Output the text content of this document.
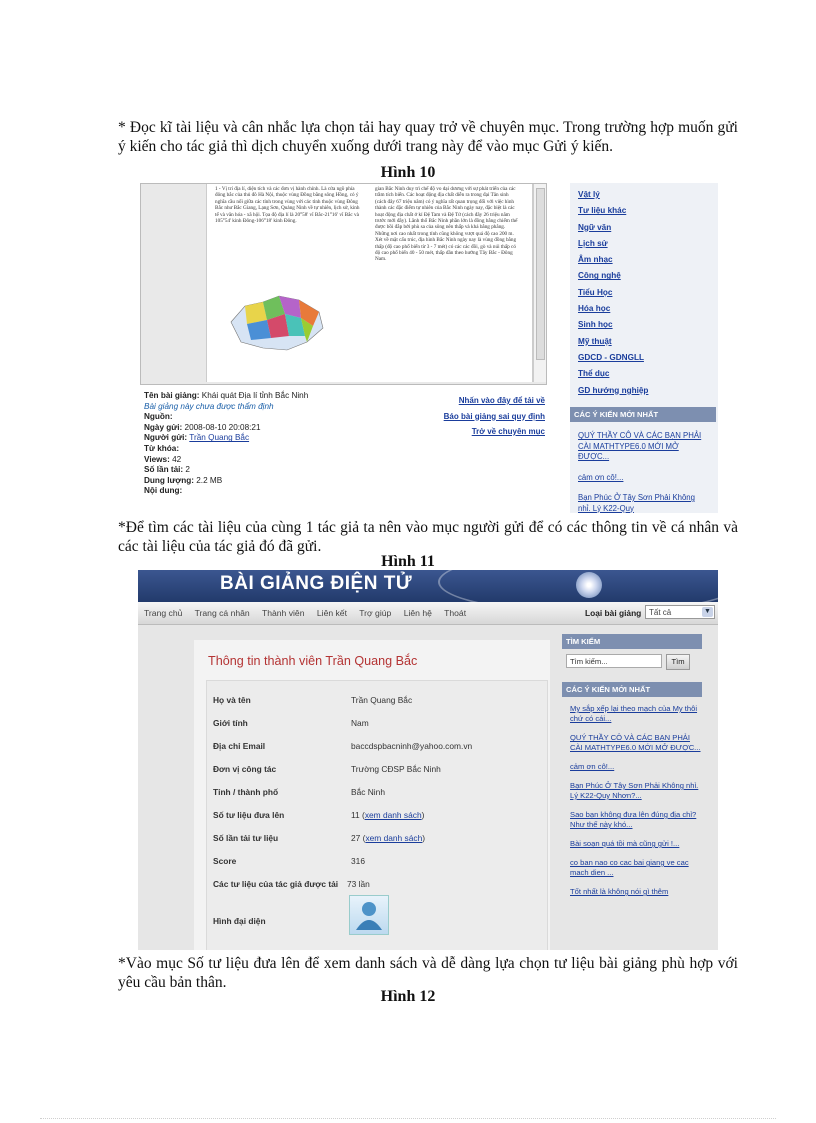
* Đọc kĩ tài liệu và cân nhắc lựa chọn tải hay quay trở về chuyên mục. Trong trường hợp muốn gửi ý kiến cho tác giả thì dịch chuyển xuống dưới trang này để vào mục Gửi ý kiến.
Hình 10
1 - Vị trí địa lí, diện tích và các đơn vị hành chính. Là cửa ngõ phía đông bắc của thủ đô Hà Nội, thuộc vùng Đồng bằng sông Hồng, có ý nghĩa cầu nối giữa các tỉnh trong vùng với các tỉnh thuộc vùng Đông Bắc như Bắc Giang, Lạng Sơn, Quảng Ninh về tự nhiên, lịch sử, kinh tế và văn hóa - xã hội. Tọa độ địa lí là 20°58' vĩ Bắc-21°16' vĩ Bắc và 105°54' kinh Đông-106°18' kinh Đông.
gian Bắc Ninh duy trì chế độ vo dại dương với sự phát triển của các trầm tích biển. Các hoạt động địa chất diễn ra trong đại Tân sinh (cách đây 67 triệu năm) có ý nghĩa rất quan trọng đối với việc hình thành các đặc điểm tự nhiên của Bắc Ninh ngày nay, đặc biệt là các hoạt động địa chất ở kỉ Đệ Tam và Đệ Tứ (cách đây 26 triệu năm trước mới đây). Lãnh thổ Bắc Ninh phần lớn là đồng bằng chiếm thế được bồi đắp bởi phù sa của sông nên thấp và khá bằng phẳng. Những nơi cao nhất trong tỉnh cũng không vượt quá độ cao 200 m. Xét về mặt cấu trúc, địa hình Bắc Ninh ngày nay là vùng đồng bằng thấp (độ cao phổ biến từ 3 - 7 mét) có các các đồi, gò và núi thấp có độ cao phổ biến 40 - 50 mét, thấp dần theo hướng Tây Bắc - Đông Nam.
Tên bài giảng: Khái quát Địa lí tỉnh Bắc Ninh
Bài giảng này chưa được thẩm định
Nguồn:
Ngày gửi: 2008-08-10 20:08:21
Người gửi: Trần Quang Bắc
Từ khóa:
Views: 42
Số lần tải: 2
Dung lượng: 2.2 MB
Nội dung:
Nhấn vào đây để tải về
Báo bài giảng sai quy định
Trở về chuyên mục
Vật lý
Tư liệu khác
Ngữ văn
Lịch sử
Âm nhạc
Công nghệ
Tiểu Học
Hóa học
Sinh học
Mỹ thuật
GDCD - GDNGLL
Thể dục
GD hướng nghiệp
CÁC Ý KIẾN MỚI NHẤT
QUÝ THẦY CÔ VÀ CÁC BẠN PHẢI CÀI MATHTYPE6.0 MỚI MỞ ĐƯỢC...
cảm ơn cô!...
Bạn Phúc Ở Tây Sơn Phải Không nhỉ. Lý K22-Quy
*Để tìm các tài liệu của cùng 1 tác giả ta nên vào mục người gửi để có các thông tin về cá nhân và các tài liệu của tác giả đó đã gửi.
Hình 11
BÀI GIẢNG ĐIỆN TỬ
Trang chủ Trang cá nhân Thành viên Liên kết Trợ giúp Liên hệ Thoát	Loại bài giảng Tất cả	▼
Thông tin thành viên Trần Quang Bắc
Họ và tên	Trần Quang Bắc
Giới tính	Nam
Địa chỉ Email	baccdspbacninh@yahoo.com.vn
Đơn vị công tác	Trường CĐSP Bắc Ninh
Tỉnh / thành phố	Bắc Ninh
Số tư liệu đưa lên	11 (xem danh sách)
Số lần tải tư liệu	27 (xem danh sách)
Score	316
Các tư liệu của tác giả được tải 73 lần
Hình đại diện
TÌM KIẾM
Tìm kiếm...	Tìm
CÁC Ý KIẾN MỚI NHẤT
My sắp xếp lại theo mạch của My thôi chứ có cái...
QUÝ THẦY CÔ VÀ CÁC BẠN PHẢI CÀI MATHTYPE6.0 MỚI MỞ ĐƯỢC...
cảm ơn cô!...
Bạn Phúc Ở Tây Sơn Phải Không nhỉ. Lý K22-Quy Nhơn?...
Sao bạn không đưa lên đúng địa chỉ? Như thế này khó...
Bài soạn quá tồi mà cũng gửi !...
co ban nao co cac bai giang ve cac mach dien ...
Tốt nhất là không nói gì thêm
*Vào mục Số tư liệu đưa lên để xem danh sách và dễ dàng lựa chọn tư liệu bài giảng phù hợp với yêu cầu bản thân.
Hình 12
